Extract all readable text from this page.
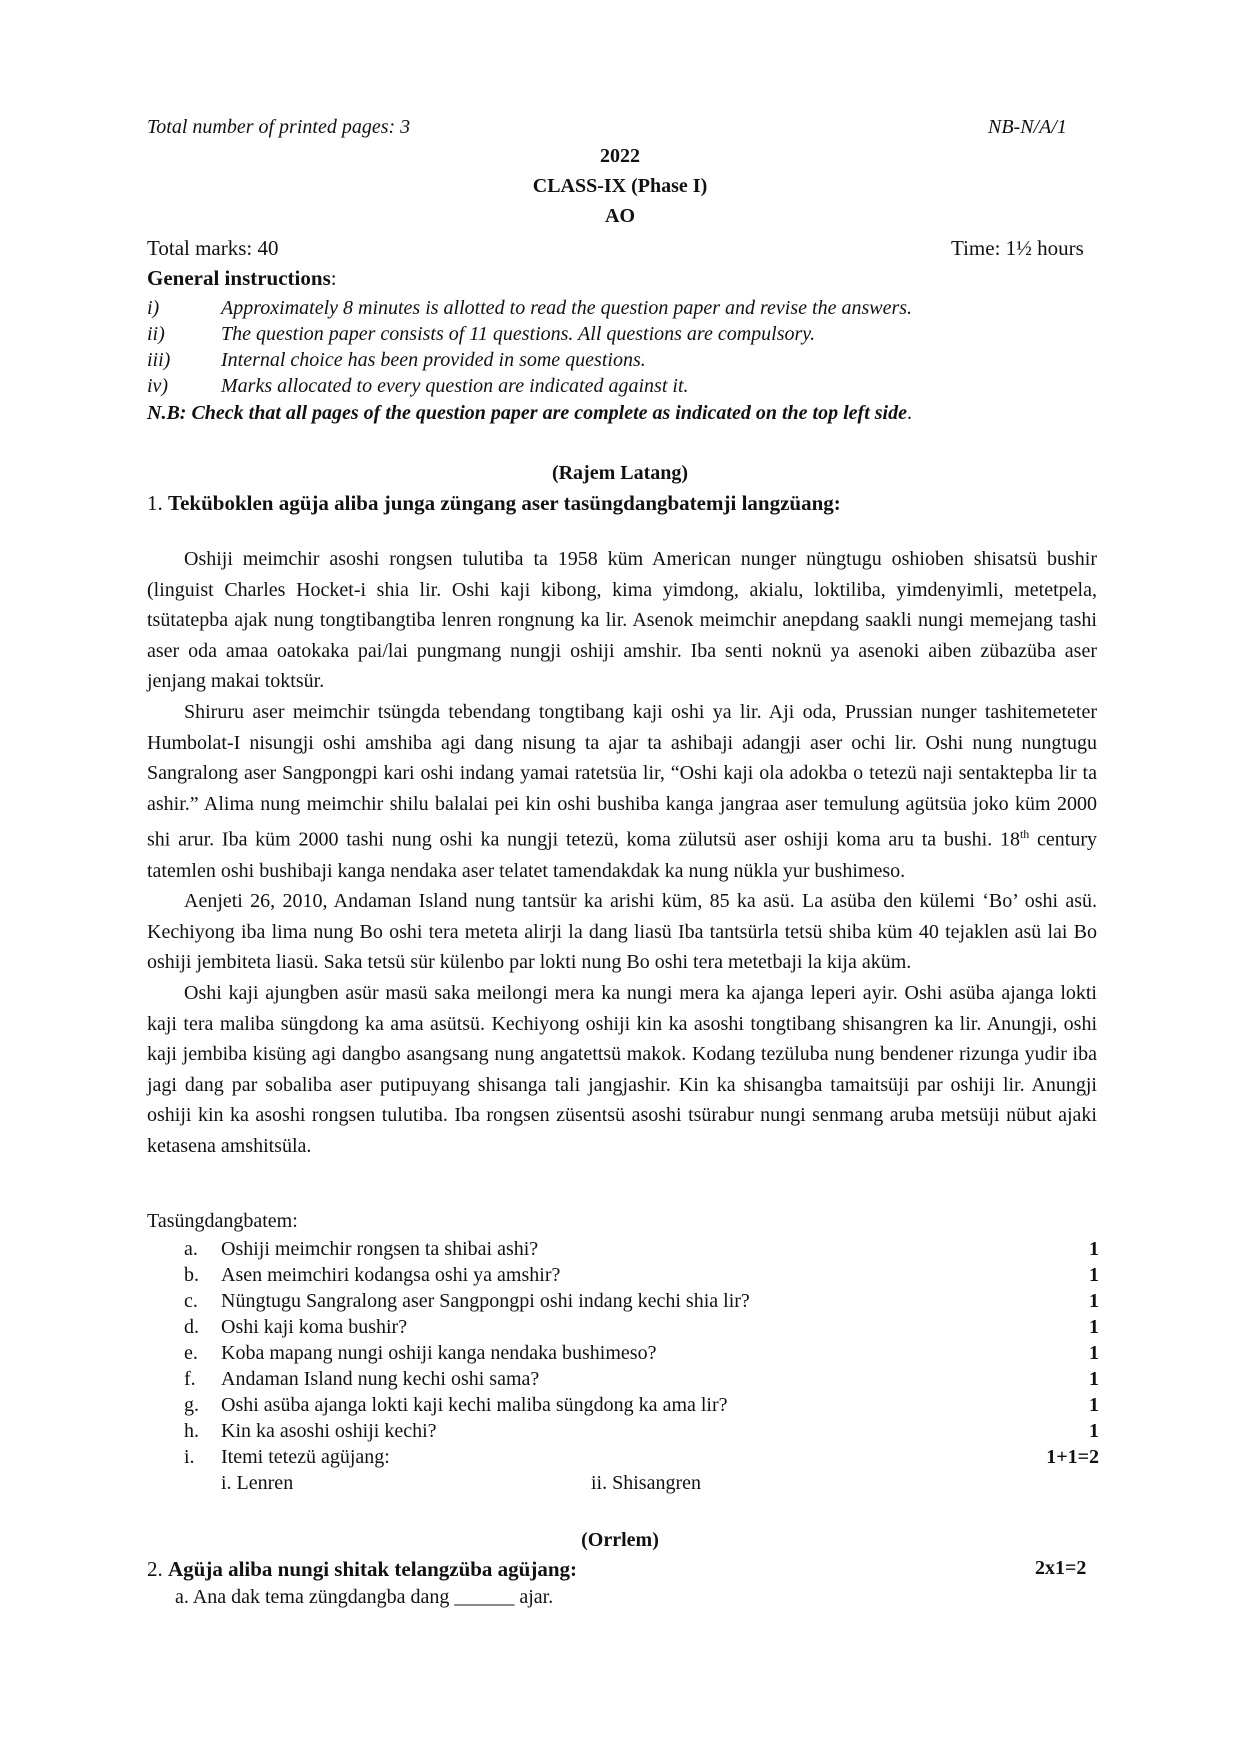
Total number of printed pages: 3	NB-N/A/1
2022
CLASS-IX (Phase I)
AO
Total marks: 40	Time: 1½ hours
General instructions:
i)	Approximately 8 minutes is allotted to read the question paper and revise the answers.
ii)	The question paper consists of 11 questions. All questions are compulsory.
iii)	Internal choice has been provided in some questions.
iv)	Marks allocated to every question are indicated against it.
N.B: Check that all pages of the question paper are complete as indicated on the top left side.
(Rajem Latang)
1. Teküboklen agüja aliba junga züngang aser tasüngdangbatemji langzüang:

Oshiji meimchir asoshi rongsen tulutiba ta 1958 küm American nunger nüngtugu oshioben shisatsü bushir (linguist Charles Hocket-i shia lir. Oshi kaji kibong, kima yimdong, akialu, loktiliba, yimdenyimli, metetpela, tsütatepba ajak nung tongtibangtiba lenren rongnung ka lir. Asenok meimchir anepdang saakli nungi memejang tashi aser oda amaa oatokaka pai/lai pungmang nungji oshiji amshir. Iba senti noknü ya asenoki aiben zübazüba aser jenjang makai toktsür.

Shiruru aser meimchir tsüngda tebendang tongtibang kaji oshi ya lir. Aji oda, Prussian nunger tashitemeteter Humbolat-I nisungji oshi amshiba agi dang nisung ta ajar ta ashibaji adangji aser ochi lir. Oshi nung nungtugu Sangralong aser Sangpongpi kari oshi indang yamai ratetsüa lir, “Oshi kaji ola adokba o tetezü naji sentaktepba lir ta ashir.” Alima nung meimchir shilu balalai pei kin oshi bushiba kanga jangraa aser temulung agütsüa joko küm 2000 shi arur. Iba küm 2000 tashi nung oshi ka nungji tetezü, koma zülutsü aser oshiji koma aru ta bushi. 18th century tatemlen oshi bushibaji kanga nendaka aser telatet tamendakdak ka nung nükla yur bushimeso.

Aenjeti 26, 2010, Andaman Island nung tantsür ka arishi küm, 85 ka asü. La asüba den külemi ‘Bo’ oshi asü. Kechiyong iba lima nung Bo oshi tera meteta alirji la dang liasü Iba tantsürla tetsü shiba küm 40 tejaklen asü lai Bo oshiji jembiteta liasü. Saka tetsü sür külenbo par lokti nung Bo oshi tera metetbaji la kija aküm.

Oshi kaji ajungben asür masü saka meilongi mera ka nungi mera ka ajanga leperi ayir. Oshi asüba ajanga lokti kaji tera maliba süngdong ka ama asütsü. Kechiyong oshiji kin ka asoshi tongtibang shisangren ka lir. Anungji, oshi kaji jembiba kisüng agi dangbo asangsang nung angatettsü makok. Kodang tezüluba nung bendener rizunga yudir iba jagi dang par sobaliba aser putipuyang shisanga tali jangjashir. Kin ka shisangba tamaitsüji par oshiji lir. Anungji oshiji kin ka asoshi rongsen tulutiba. Iba rongsen züsentsü asoshi tsürabur nungi senmang aruba metsüji nübut ajaki ketasena amshitsüla.

Tasüngdangbatem:
a. Oshiji meimchir rongsen ta shibai ashi?	1
b. Asen meimchiri kodangsa oshi ya amshir?	1
c. Nüngtugu Sangralong aser Sangpongpi oshi indang kechi shia lir?	1
d. Oshi kaji koma bushir?	1
e. Koba mapang nungi oshiji kanga nendaka bushimeso?	1
f. Andaman Island nung kechi oshi sama?	1
g. Oshi asüba ajanga lokti kaji kechi maliba süngdong ka ama lir?	1
h. Kin ka asoshi oshiji kechi?	1
i. Itemi tetezü agüjang:	1+1=2
i. Lenren	ii. Shisangren
(Orrlem)
2. Agüja aliba nungi shitak telangzüba agüjang:	2x1=2
a. Ana dak tema züngdangba dang ______ ajar.
